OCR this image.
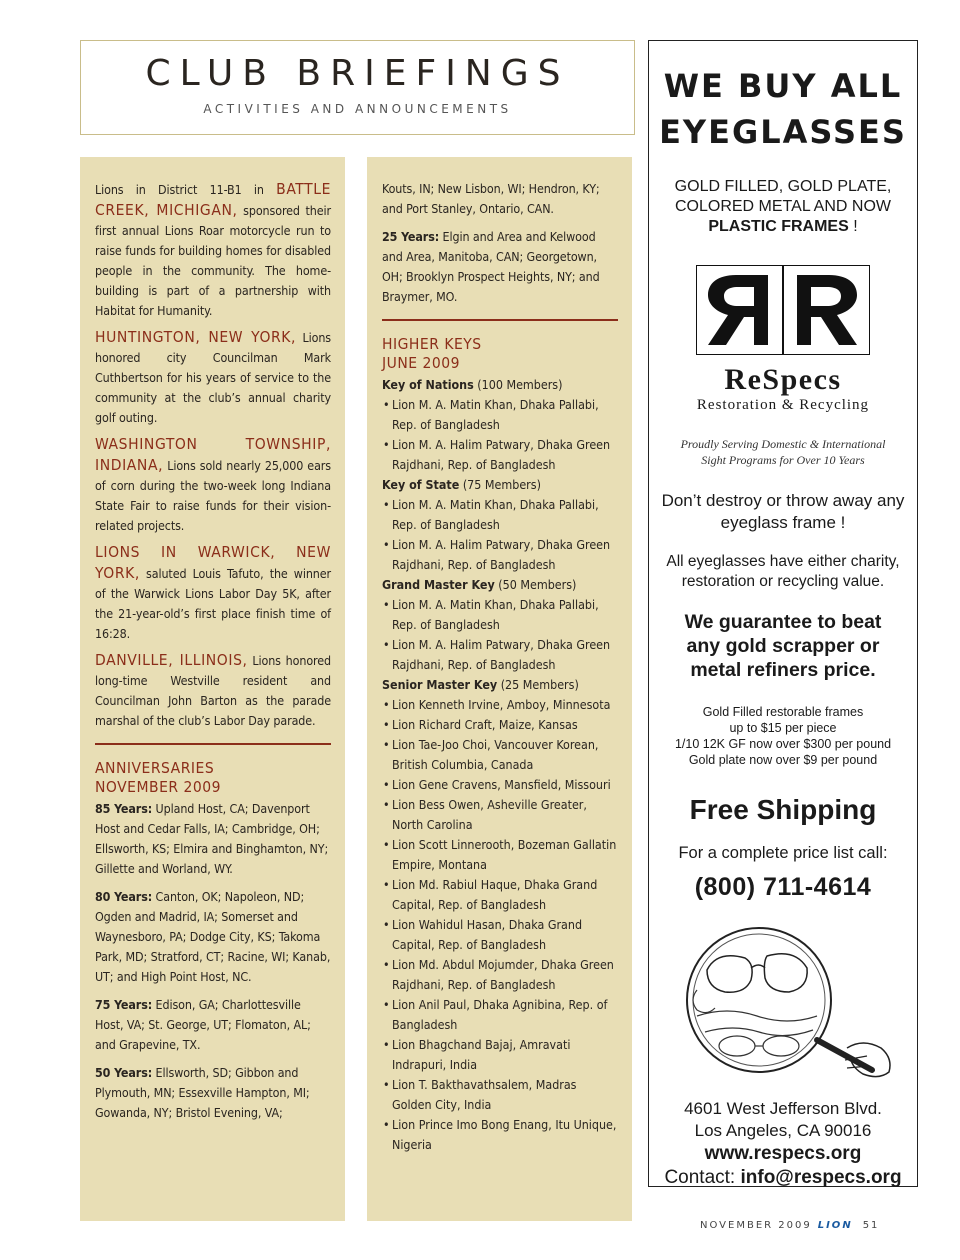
CLUB BRIEFINGS
ACTIVITIES AND ANNOUNCEMENTS
Lions in District 11-B1 in BATTLE CREEK, MICHIGAN, sponsored their first annual Lions Roar motorcycle run to raise funds for building homes for disabled people in the community. The home-building is part of a partnership with Habitat for Humanity.
HUNTINGTON, NEW YORK, Lions honored city Councilman Mark Cuthbertson for his years of service to the community at the club’s annual charity golf outing.
WASHINGTON TOWNSHIP, INDIANA, Lions sold nearly 25,000 ears of corn during the two-week long Indiana State Fair to raise funds for their vision-related projects.
LIONS IN WARWICK, NEW YORK, saluted Louis Tafuto, the winner of the Warwick Lions Labor Day 5K, after the 21-year-old’s first place finish time of 16:28.
DANVILLE, ILLINOIS, Lions honored long-time Westville resident and Councilman John Barton as the parade marshal of the club’s Labor Day parade.
ANNIVERSARIES
NOVEMBER 2009
85 Years: Upland Host, CA; Davenport Host and Cedar Falls, IA; Cambridge, OH; Ellsworth, KS; Elmira and Binghamton, NY; Gillette and Worland, WY.
80 Years: Canton, OK; Napoleon, ND; Ogden and Madrid, IA; Somerset and Waynesboro, PA; Dodge City, KS; Takoma Park, MD; Stratford, CT; Racine, WI; Kanab, UT; and High Point Host, NC.
75 Years: Edison, GA; Charlottesville Host, VA; St. George, UT; Flomaton, AL; and Grapevine, TX.
50 Years: Ellsworth, SD; Gibbon and Plymouth, MN; Essexville Hampton, MI; Gowanda, NY; Bristol Evening, VA;
Kouts, IN; New Lisbon, WI; Hendron, KY; and Port Stanley, Ontario, CAN.
25 Years: Elgin and Area and Kelwood and Area, Manitoba, CAN; Georgetown, OH; Brooklyn Prospect Heights, NY; and Braymer, MO.
HIGHER KEYS
JUNE 2009
Key of Nations (100 Members)
• Lion M. A. Matin Khan, Dhaka Pallabi, Rep. of Bangladesh
• Lion M. A. Halim Patwary, Dhaka Green Rajdhani, Rep. of Bangladesh
Key of State (75 Members)
• Lion M. A. Matin Khan, Dhaka Pallabi, Rep. of Bangladesh
• Lion M. A. Halim Patwary, Dhaka Green Rajdhani, Rep. of Bangladesh
Grand Master Key (50 Members)
• Lion M. A. Matin Khan, Dhaka Pallabi, Rep. of Bangladesh
• Lion M. A. Halim Patwary, Dhaka Green Rajdhani, Rep. of Bangladesh
Senior Master Key (25 Members)
• Lion Kenneth Irvine, Amboy, Minnesota
• Lion Richard Craft, Maize, Kansas
• Lion Tae-Joo Choi, Vancouver Korean, British Columbia, Canada
• Lion Gene Cravens, Mansfield, Missouri
• Lion Bess Owen, Asheville Greater, North Carolina
• Lion Scott Linnerooth, Bozeman Gallatin Empire, Montana
• Lion Md. Rabiul Haque, Dhaka Grand Capital, Rep. of Bangladesh
• Lion Wahidul Hasan, Dhaka Grand Capital, Rep. of Bangladesh
• Lion Md. Abdul Mojumder, Dhaka Green Rajdhani, Rep. of Bangladesh
• Lion Anil Paul, Dhaka Agnibina, Rep. of Bangladesh
• Lion Bhagchand Bajaj, Amravati Indrapuri, India
• Lion T. Bakthavathsalem, Madras Golden City, India
• Lion Prince Imo Bong Enang, Itu Unique, Nigeria
WE BUY ALL
EYEGLASSES
GOLD FILLED, GOLD PLATE,
COLORED METAL AND NOW
PLASTIC FRAMES !
ReSpecs
Restoration & Recycling
Proudly Serving Domestic & International
Sight Programs for Over 10 Years
Don’t destroy or throw away any eyeglass frame !
All eyeglasses have either charity, restoration or recycling value.
We guarantee to beat
any gold scrapper or
metal refiners price.
Gold Filled restorable frames
up to $15 per piece
1/10 12K GF now over $300 per pound
Gold plate now over $9 per pound
Free Shipping
For a complete price list call:
(800) 711-4614
4601 West Jefferson Blvd.
Los Angeles, CA 90016
www.respecs.org
Contact: info@respecs.org
NOVEMBER 2009 LION 51
